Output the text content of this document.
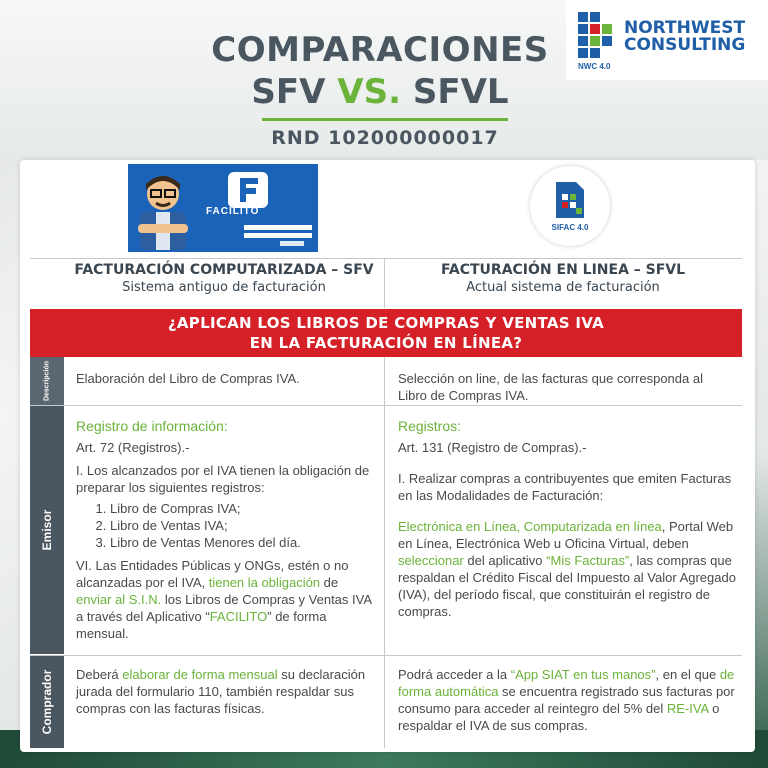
COMPARACIONES
SFV VS. SFVL
RND 102000000017
NORTHWEST
CONSULTING
NWC 4.0
FACILITO
SIFAC 4.0
FACTURACIÓN COMPUTARIZADA – SFV
Sistema antiguo de facturación
FACTURACIÓN EN LINEA – SFVL
Actual sistema de facturación
¿APLICAN LOS LIBROS DE COMPRAS Y VENTAS IVA
EN LA FACTURACIÓN EN LÍNEA?
Descripción Elaboración del Libro de Compras IVA.	Selección on line, de las facturas que corresponda al Libro de Compras IVA.
Emisor

Registro de información:

Art. 72 (Registros).-

I. Los alcanzados por el IVA tienen la obligación de preparar los siguientes registros:

1. Libro de Compras IVA;
2. Libro de Ventas IVA;
3. Libro de Ventas Menores del día.

VI. Las Entidades Públicas y ONGs, estén o no alcanzadas por el IVA, tienen la obligación de enviar al S.I.N. los Libros de Compras y Ventas IVA a través del Aplicativo “FACILITO” de forma mensual.

Registros:

Art. 131 (Registro de Compras).-

I. Realizar compras a contribuyentes que emiten Facturas en las Modalidades de Facturación:

Electrónica en Línea, Computarizada en línea, Portal Web en Línea, Electrónica Web u Oficina Virtual, deben seleccionar del aplicativo “Mis Facturas”, las compras que respaldan el Crédito Fiscal del Impuesto al Valor Agregado (IVA), del período fiscal, que constituirán el registro de compras.

Comprador Deberá elaborar de forma mensual su declaración jurada del formulario 110, también respaldar sus compras con las facturas físicas.
Podrá acceder a la “App SIAT en tus manos”, en el que de forma automática se encuentra registrado sus facturas por consumo para acceder al reintegro del 5% del RE-IVA o respaldar el IVA de sus compras.
